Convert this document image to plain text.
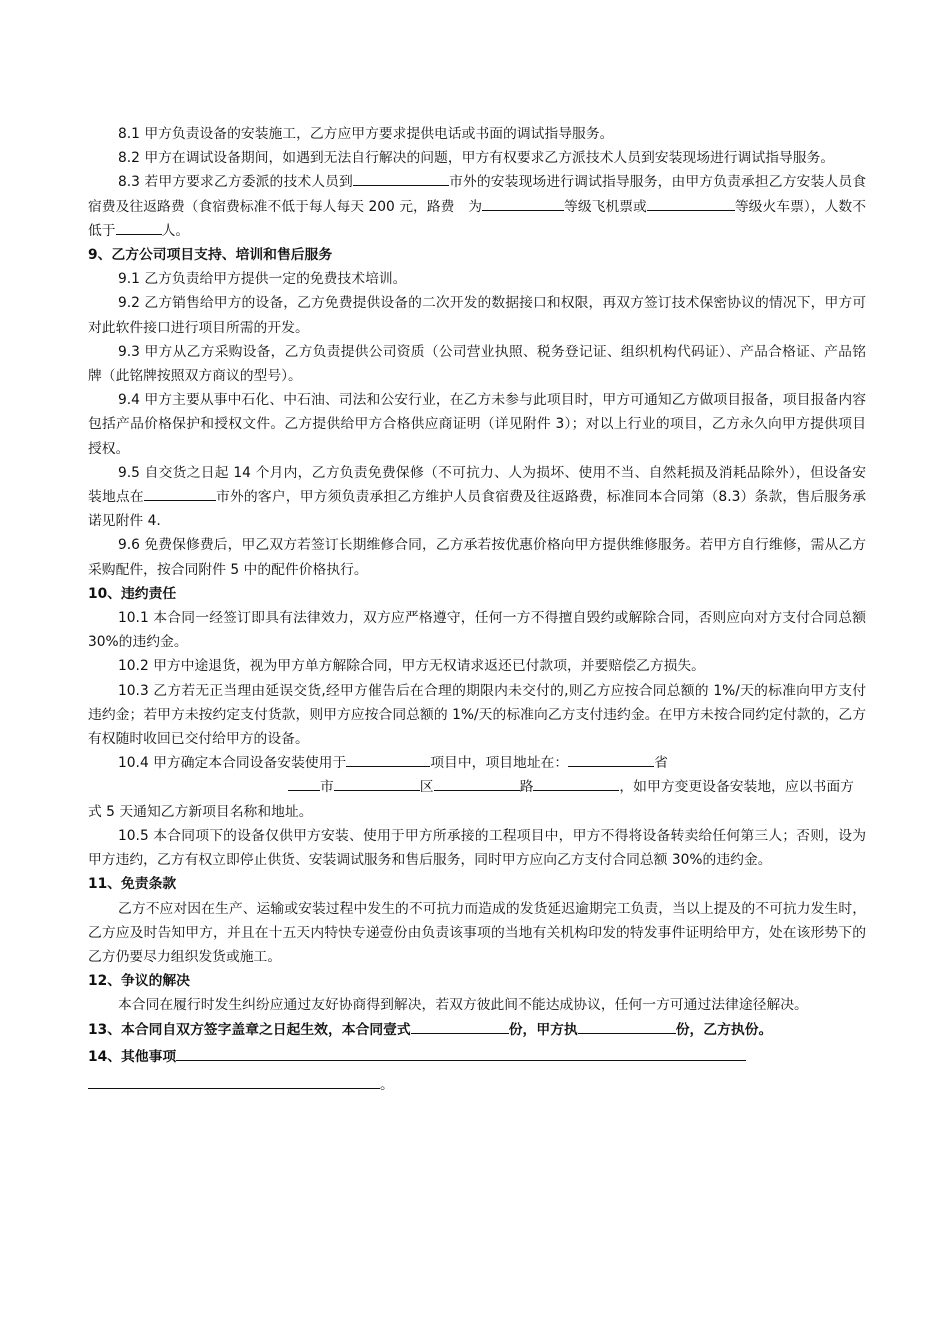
8.1 甲方负责设备的安装施工，乙方应甲方要求提供电话或书面的调试指导服务。

8.2 甲方在调试设备期间，如遇到无法自行解决的问题，甲方有权要求乙方派技术人员到安装现场进行调试指导服务。

8.3 若甲方要求乙方委派的技术人员到	市外的安装现场进行调试指导服务，由甲方负责承担乙方安装人员食宿费及往返路费（食宿费标准不低于每人每天 200 元，路费　为	等级飞机票或	等级火车票），人数不低于	人。

9、乙方公司项目支持、培训和售后服务

9.1 乙方负责给甲方提供一定的免费技术培训。

9.2 乙方销售给甲方的设备，乙方免费提供设备的二次开发的数据接口和权限，再双方签订技术保密协议的情况下，甲方可对此软件接口进行项目所需的开发。

9.3 甲方从乙方采购设备，乙方负责提供公司资质（公司营业执照、税务登记证、组织机构代码证）、产品合格证、产品铭牌（此铭牌按照双方商议的型号）。

9.4 甲方主要从事中石化、中石油、司法和公安行业，在乙方未参与此项目时，甲方可通知乙方做项目报备，项目报备内容包括产品价格保护和授权文件。乙方提供给甲方合格供应商证明（详见附件 3）；对以上行业的项目，乙方永久向甲方提供项目授权。

9.5 自交货之日起 14 个月内，乙方负责免费保修（不可抗力、人为损坏、使用不当、自然耗损及消耗品除外），但设备安装地点在	市外的客户，甲方须负责承担乙方维护人员食宿费及往返路费，标准同本合同第（8.3）条款，售后服务承诺见附件 4.

9.6 免费保修费后，甲乙双方若签订长期维修合同，乙方承若按优惠价格向甲方提供维修服务。若甲方自行维修，需从乙方采购配件，按合同附件 5 中的配件价格执行。

10、违约责任

10.1 本合同一经签订即具有法律效力，双方应严格遵守，任何一方不得擅自毁约或解除合同，否则应向对方支付合同总额 30%的违约金。

10.2 甲方中途退货，视为甲方单方解除合同，甲方无权请求返还已付款项，并要赔偿乙方损失。

10.3 乙方若无正当理由延误交货,经甲方催告后在合理的期限内未交付的,则乙方应按合同总额的 1%/天的标准向甲方支付违约金；若甲方未按约定支付货款，则甲方应按合同总额的 1%/天的标准向乙方支付违约金。在甲方未按合同约定付款的，乙方有权随时收回已交付给甲方的设备。

10.4 甲方确定本合同设备安装使用于	项目中，项目地址在：	省市	区	路	，如甲方变更设备安装地，应以书面方式 5 天通知乙方新项目名称和地址。

10.5 本合同项下的设备仅供甲方安装、使用于甲方所承接的工程项目中，甲方不得将设备转卖给任何第三人；否则，设为甲方违约，乙方有权立即停止供货、安装调试服务和售后服务，同时甲方应向乙方支付合同总额 30%的违约金。

11、免责条款

乙方不应对因在生产、运输或安装过程中发生的不可抗力而造成的发货延迟逾期完工负责，当以上提及的不可抗力发生时，乙方应及时告知甲方，并且在十五天内特快专递壹份由负责该事项的当地有关机构印发的特发事件证明给甲方，处在该形势下的乙方仍要尽力组织发货或施工。

12、争议的解决

本合同在履行时发生纠纷应通过友好协商得到解决，若双方彼此间不能达成协议，任何一方可通过法律途径解决。

13、本合同自双方签字盖章之日起生效，本合同壹式	份，甲方执	份，乙方执份。

14、其他事项

。
